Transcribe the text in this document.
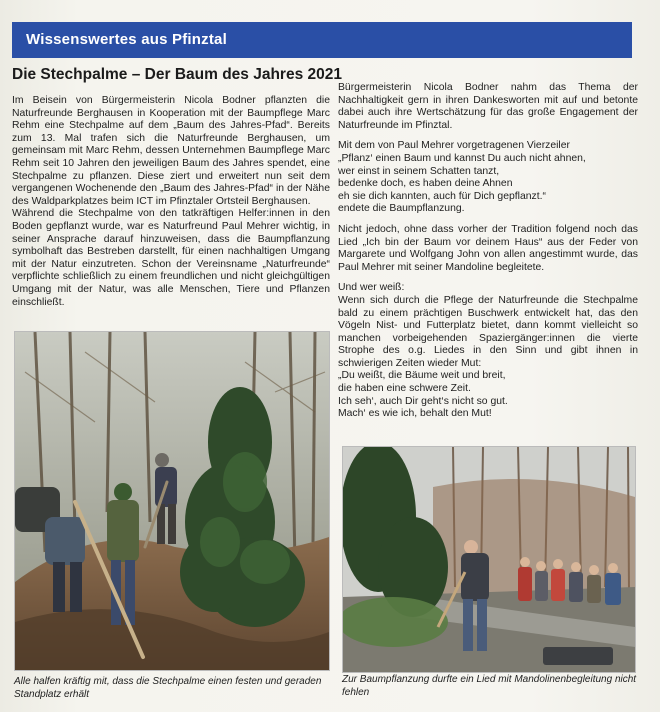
Wissenswertes aus Pfinztal
Die Stechpalme – Der Baum des Jahres 2021

Im Beisein von Bürgermeisterin Nicola Bodner pflanzten die Naturfreunde Berghausen in Kooperation mit der Baumpflege Marc Rehm eine Stechpalme auf dem „Baum des Jahres-Pfad“. Bereits zum 13. Mal trafen sich die Naturfreunde Berghausen, um gemeinsam mit Marc Rehm, dessen Unternehmen Baumpflege Marc Rehm seit 10 Jahren den jeweiligen Baum des Jahres spendet, eine Stechpalme zu pflanzen. Diese ziert und erweitert nun seit dem vergangenen Wochenende den „Baum des Jahres-Pfad“ in der Nähe des Waldparkplatzes beim ICT im Pfinztaler Ortsteil Berghausen.

Während die Stechpalme von den tatkräftigen Helfer:innen in den Boden gepflanzt wurde, war es Naturfreund Paul Mehrer wichtig, in seiner Ansprache darauf hinzuweisen, dass die Baumpflanzung symbolhaft das Bestreben darstellt, für einen nachhaltigen Umgang mit der Natur einzutreten. Schon der Vereinsname „Naturfreunde“ verpflichte schließlich zu einem freundlichen und nicht gleichgültigen Umgang mit der Natur, was alle Menschen, Tiere und Pflanzen einschließt.

Bürgermeisterin Nicola Bodner nahm das Thema der Nachhaltigkeit gern in ihren Dankesworten mit auf und betonte dabei auch ihre Wertschätzung für das große Engagement der Naturfreunde im Pfinztal.

Mit dem von Paul Mehrer vorgetragenen Vierzeiler

„Pflanz‘ einen Baum und kannst Du auch nicht ahnen,
wer einst in seinem Schatten tanzt,
bedenke doch, es haben deine Ahnen
eh sie dich kannten, auch für Dich gepflanzt.“

endete die Baumpflanzung.

Nicht jedoch, ohne dass vorher der Tradition folgend noch das Lied „Ich bin der Baum vor deinem Haus“ aus der Feder von Margarete und Wolfgang John von allen angestimmt wurde, das Paul Mehrer mit seiner Mandoline begleitete.

Und wer weiß:

Wenn sich durch die Pflege der Naturfreunde die Stechpalme bald zu einem prächtigen Buschwerk entwickelt hat, das den Vögeln Nist- und Futterplatz bietet, dann kommt vielleicht so manchen vorbeigehenden Spaziergänger:innen die vierte Strophe des o.g. Liedes in den Sinn und gibt ihnen in schwierigen Zeiten wieder Mut:

„Du weißt, die Bäume weit und breit,
die haben eine schwere Zeit.
Ich seh‘, auch Dir geht‘s nicht so gut.
Mach‘ es wie ich, behalt den Mut!
Alle halfen kräftig mit, dass die Stechpalme einen festen und geraden Standplatz erhält
Zur Baumpflanzung durfte ein Lied mit Mandolinenbegleitung nicht fehlen
